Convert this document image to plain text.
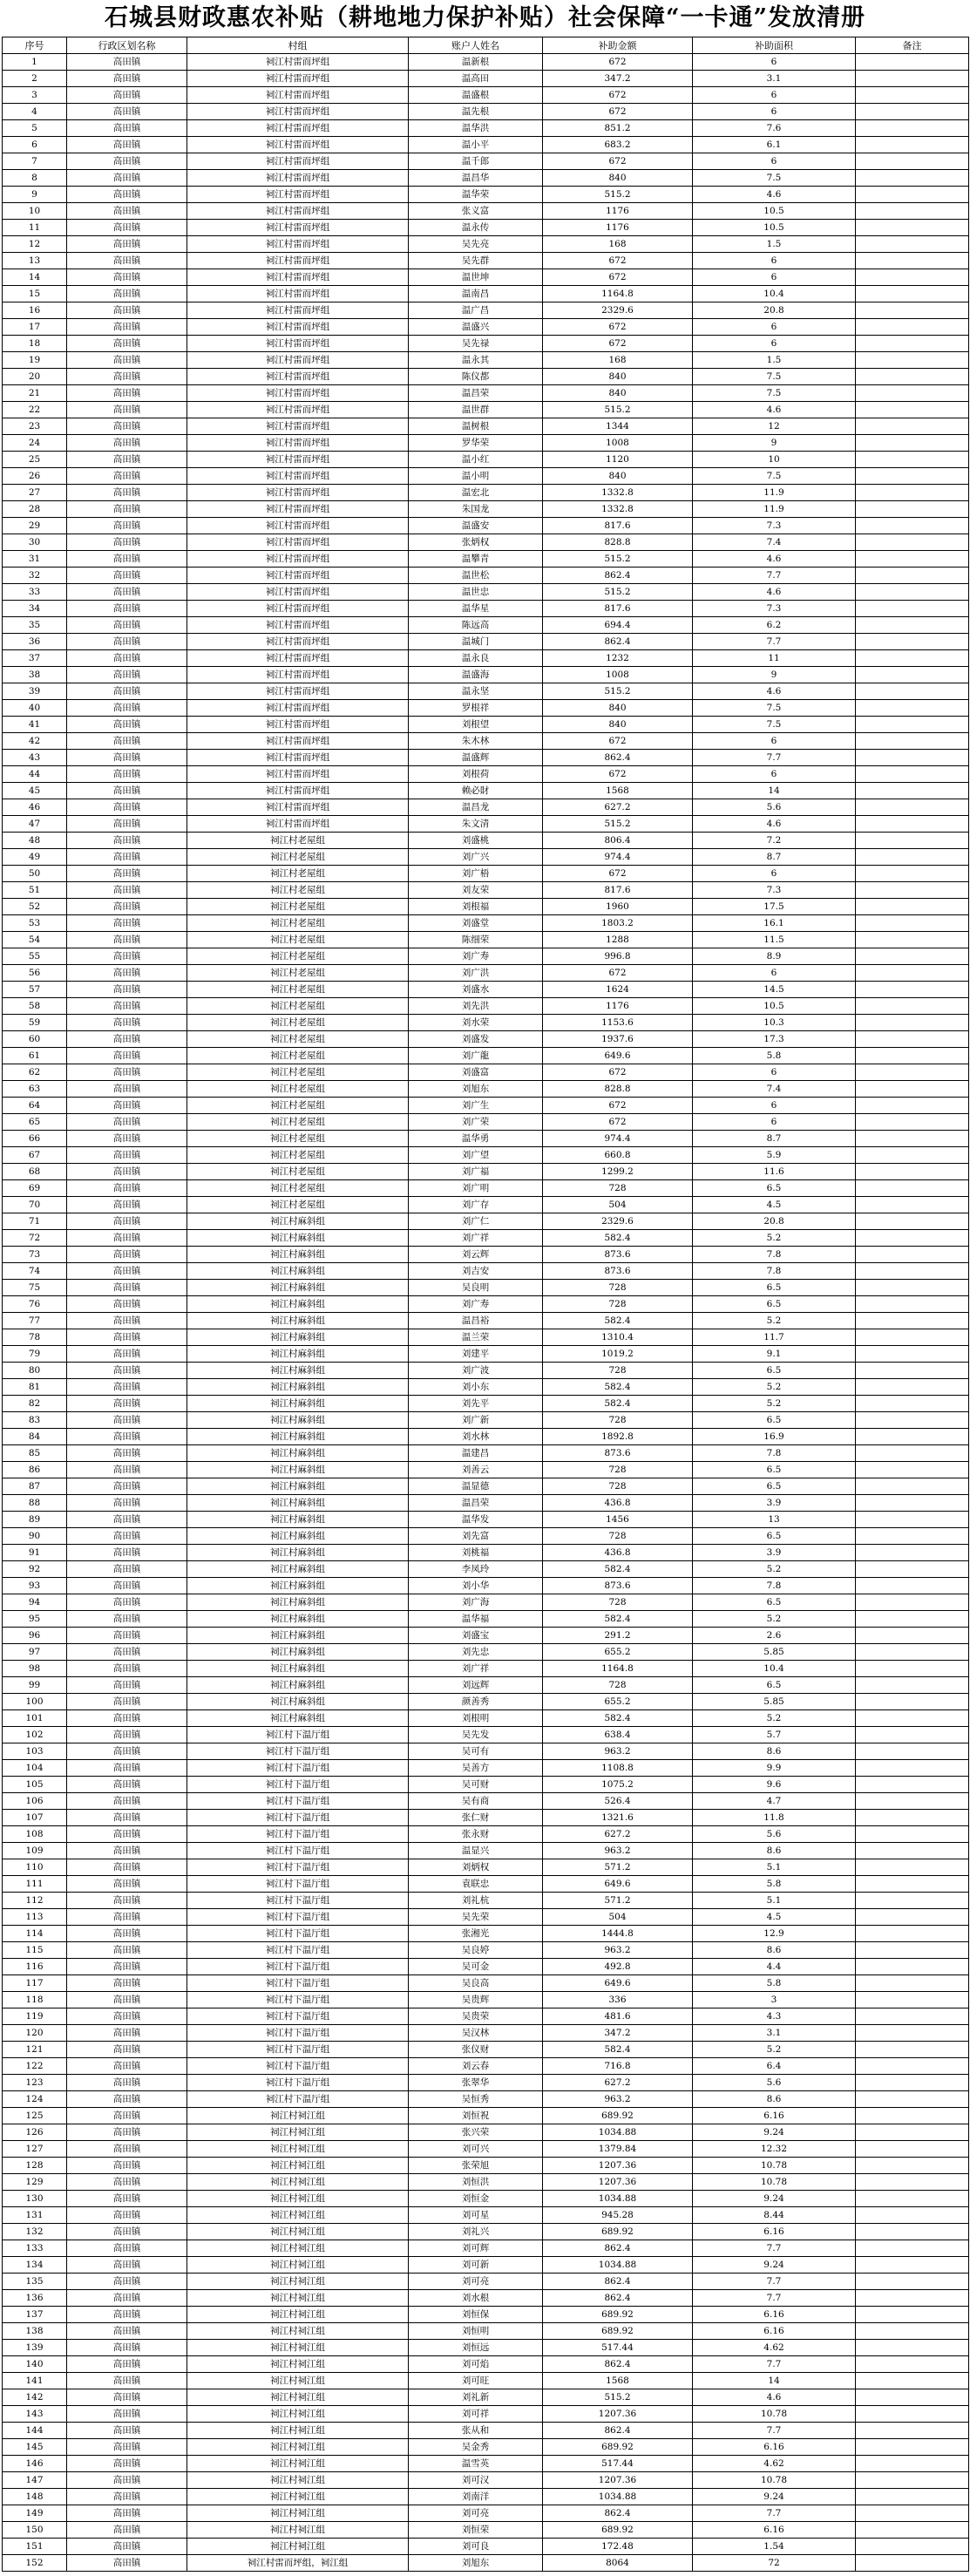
石城县财政惠农补贴（耕地地力保护补贴）社会保障“一卡通”发放清册
序号	行政区划名称	村组	账户人姓名	补助金额	补助面积	备注
1	高田镇	祠江村雷而坪组	温新根	672	6	
2	高田镇	祠江村雷而坪组	温高田	347.2	3.1	
3	高田镇	祠江村雷而坪组	温盛根	672	6	
4	高田镇	祠江村雷而坪组	温先根	672	6	
5	高田镇	祠江村雷而坪组	温华洪	851.2	7.6	
6	高田镇	祠江村雷而坪组	温小平	683.2	6.1	
7	高田镇	祠江村雷而坪组	温千郎	672	6	
8	高田镇	祠江村雷而坪组	温昌华	840	7.5	
9	高田镇	祠江村雷而坪组	温华荣	515.2	4.6	
10	高田镇	祠江村雷而坪组	张义富	1176	10.5	
11	高田镇	祠江村雷而坪组	温永传	1176	10.5	
12	高田镇	祠江村雷而坪组	吴先亮	168	1.5	
13	高田镇	祠江村雷而坪组	吴先群	672	6	
14	高田镇	祠江村雷而坪组	温世坤	672	6	
15	高田镇	祠江村雷而坪组	温南昌	1164.8	10.4	
16	高田镇	祠江村雷而坪组	温广昌	2329.6	20.8	
17	高田镇	祠江村雷而坪组	温盛兴	672	6	
18	高田镇	祠江村雷而坪组	吴先禄	672	6	
19	高田镇	祠江村雷而坪组	温永其	168	1.5	
20	高田镇	祠江村雷而坪组	陈仪都	840	7.5	
21	高田镇	祠江村雷而坪组	温昌荣	840	7.5	
22	高田镇	祠江村雷而坪组	温世群	515.2	4.6	
23	高田镇	祠江村雷而坪组	温树根	1344	12	
24	高田镇	祠江村雷而坪组	罗华荣	1008	9	
25	高田镇	祠江村雷而坪组	温小红	1120	10	
26	高田镇	祠江村雷而坪组	温小明	840	7.5	
27	高田镇	祠江村雷而坪组	温宏北	1332.8	11.9	
28	高田镇	祠江村雷而坪组	朱国龙	1332.8	11.9	
29	高田镇	祠江村雷而坪组	温盛安	817.6	7.3	
30	高田镇	祠江村雷而坪组	张炳权	828.8	7.4	
31	高田镇	祠江村雷而坪组	温攀青	515.2	4.6	
32	高田镇	祠江村雷而坪组	温世松	862.4	7.7	
33	高田镇	祠江村雷而坪组	温世忠	515.2	4.6	
34	高田镇	祠江村雷而坪组	温华星	817.6	7.3	
35	高田镇	祠江村雷而坪组	陈远高	694.4	6.2	
36	高田镇	祠江村雷而坪组	温城门	862.4	7.7	
37	高田镇	祠江村雷而坪组	温永良	1232	11	
38	高田镇	祠江村雷而坪组	温盛海	1008	9	
39	高田镇	祠江村雷而坪组	温永坚	515.2	4.6	
40	高田镇	祠江村雷而坪组	罗根祥	840	7.5	
41	高田镇	祠江村雷而坪组	刘根望	840	7.5	
42	高田镇	祠江村雷而坪组	朱木林	672	6	
43	高田镇	祠江村雷而坪组	温盛辉	862.4	7.7	
44	高田镇	祠江村雷而坪组	刘根荷	672	6	
45	高田镇	祠江村雷而坪组	赖必財	1568	14	
46	高田镇	祠江村雷而坪组	温昌龙	627.2	5.6	
47	高田镇	祠江村雷而坪组	朱文清	515.2	4.6	
48	高田镇	祠江村老屋组	刘盛桃	806.4	7.2	
49	高田镇	祠江村老屋组	刘广兴	974.4	8.7	
50	高田镇	祠江村老屋组	刘广梧	672	6	
51	高田镇	祠江村老屋组	刘友荣	817.6	7.3	
52	高田镇	祠江村老屋组	刘根福	1960	17.5	
53	高田镇	祠江村老屋组	刘盛堂	1803.2	16.1	
54	高田镇	祠江村老屋组	陈细荣	1288	11.5	
55	高田镇	祠江村老屋组	刘广寿	996.8	8.9	
56	高田镇	祠江村老屋组	刘广洪	672	6	
57	高田镇	祠江村老屋组	刘盛水	1624	14.5	
58	高田镇	祠江村老屋组	刘先洪	1176	10.5	
59	高田镇	祠江村老屋组	刘水荣	1153.6	10.3	
60	高田镇	祠江村老屋组	刘盛发	1937.6	17.3	
61	高田镇	祠江村老屋组	刘广龍	649.6	5.8	
62	高田镇	祠江村老屋组	刘盛富	672	6	
63	高田镇	祠江村老屋组	刘旭东	828.8	7.4	
64	高田镇	祠江村老屋组	刘广生	672	6	
65	高田镇	祠江村老屋组	刘广荣	672	6	
66	高田镇	祠江村老屋组	温华勇	974.4	8.7	
67	高田镇	祠江村老屋组	刘广望	660.8	5.9	
68	高田镇	祠江村老屋组	刘广福	1299.2	11.6	
69	高田镇	祠江村老屋组	刘广明	728	6.5	
70	高田镇	祠江村老屋组	刘广存	504	4.5	
71	高田镇	祠江村麻斜组	刘广仁	2329.6	20.8	
72	高田镇	祠江村麻斜组	刘广祥	582.4	5.2	
73	高田镇	祠江村麻斜组	刘云辉	873.6	7.8	
74	高田镇	祠江村麻斜组	刘吉安	873.6	7.8	
75	高田镇	祠江村麻斜组	吴良明	728	6.5	
76	高田镇	祠江村麻斜组	刘广寿	728	6.5	
77	高田镇	祠江村麻斜组	温昌裕	582.4	5.2	
78	高田镇	祠江村麻斜组	温兰荣	1310.4	11.7	
79	高田镇	祠江村麻斜组	刘建平	1019.2	9.1	
80	高田镇	祠江村麻斜组	刘广波	728	6.5	
81	高田镇	祠江村麻斜组	刘小东	582.4	5.2	
82	高田镇	祠江村麻斜组	刘先平	582.4	5.2	
83	高田镇	祠江村麻斜组	刘广新	728	6.5	
84	高田镇	祠江村麻斜组	刘水林	1892.8	16.9	
85	高田镇	祠江村麻斜组	温建昌	873.6	7.8	
86	高田镇	祠江村麻斜组	刘善云	728	6.5	
87	高田镇	祠江村麻斜组	温显德	728	6.5	
88	高田镇	祠江村麻斜组	温昌荣	436.8	3.9	
89	高田镇	祠江村麻斜组	温华发	1456	13	
90	高田镇	祠江村麻斜组	刘先富	728	6.5	
91	高田镇	祠江村麻斜组	刘桃福	436.8	3.9	
92	高田镇	祠江村麻斜组	李凤玲	582.4	5.2	
93	高田镇	祠江村麻斜组	刘小华	873.6	7.8	
94	高田镇	祠江村麻斜组	刘广海	728	6.5	
95	高田镇	祠江村麻斜组	温华福	582.4	5.2	
96	高田镇	祠江村麻斜组	刘盛宝	291.2	2.6	
97	高田镇	祠江村麻斜组	刘先忠	655.2	5.85	
98	高田镇	祠江村麻斜组	刘广祥	1164.8	10.4	
99	高田镇	祠江村麻斜组	刘远辉	728	6.5	
100	高田镇	祠江村麻斜组	颜善秀	655.2	5.85	
101	高田镇	祠江村麻斜组	刘根明	582.4	5.2	
102	高田镇	祠江村下温厅组	吴先发	638.4	5.7	
103	高田镇	祠江村下温厅组	吴可有	963.2	8.6	
104	高田镇	祠江村下温厅组	吴善方	1108.8	9.9	
105	高田镇	祠江村下温厅组	吴可财	1075.2	9.6	
106	高田镇	祠江村下温厅组	吴有商	526.4	4.7	
107	高田镇	祠江村下温厅组	张仁财	1321.6	11.8	
108	高田镇	祠江村下温厅组	张永财	627.2	5.6	
109	高田镇	祠江村下温厅组	温显兴	963.2	8.6	
110	高田镇	祠江村下温厅组	刘炳权	571.2	5.1	
111	高田镇	祠江村下温厅组	袁联忠	649.6	5.8	
112	高田镇	祠江村下温厅组	刘礼杭	571.2	5.1	
113	高田镇	祠江村下温厅组	吴先荣	504	4.5	
114	高田镇	祠江村下温厅组	张湘光	1444.8	12.9	
115	高田镇	祠江村下温厅组	吴良婷	963.2	8.6	
116	高田镇	祠江村下温厅组	吴可金	492.8	4.4	
117	高田镇	祠江村下温厅组	吴良高	649.6	5.8	
118	高田镇	祠江村下温厅组	吴贵辉	336	3	
119	高田镇	祠江村下温厅组	吴贵荣	481.6	4.3	
120	高田镇	祠江村下温厅组	吴汉林	347.2	3.1	
121	高田镇	祠江村下温厅组	张仪财	582.4	5.2	
122	高田镇	祠江村下温厅组	刘云春	716.8	6.4	
123	高田镇	祠江村下温厅组	张翠华	627.2	5.6	
124	高田镇	祠江村下温厅组	吴恒秀	963.2	8.6	
125	高田镇	祠江村祠江组	刘恒祝	689.92	6.16	
126	高田镇	祠江村祠江组	张兴荣	1034.88	9.24	
127	高田镇	祠江村祠江组	刘可兴	1379.84	12.32	
128	高田镇	祠江村祠江组	张荣旭	1207.36	10.78	
129	高田镇	祠江村祠江组	刘恒洪	1207.36	10.78	
130	高田镇	祠江村祠江组	刘恒金	1034.88	9.24	
131	高田镇	祠江村祠江组	刘可星	945.28	8.44	
132	高田镇	祠江村祠江组	刘礼兴	689.92	6.16	
133	高田镇	祠江村祠江组	刘可辉	862.4	7.7	
134	高田镇	祠江村祠江组	刘可新	1034.88	9.24	
135	高田镇	祠江村祠江组	刘可亮	862.4	7.7	
136	高田镇	祠江村祠江组	刘水根	862.4	7.7	
137	高田镇	祠江村祠江组	刘恒保	689.92	6.16	
138	高田镇	祠江村祠江组	刘恒明	689.92	6.16	
139	高田镇	祠江村祠江组	刘恒远	517.44	4.62	
140	高田镇	祠江村祠江组	刘可焰	862.4	7.7	
141	高田镇	祠江村祠江组	刘可旺	1568	14	
142	高田镇	祠江村祠江组	刘礼新	515.2	4.6	
143	高田镇	祠江村祠江组	刘可祥	1207.36	10.78	
144	高田镇	祠江村祠江组	张从和	862.4	7.7	
145	高田镇	祠江村祠江组	吴金秀	689.92	6.16	
146	高田镇	祠江村祠江组	温雪英	517.44	4.62	
147	高田镇	祠江村祠江组	刘可汉	1207.36	10.78	
148	高田镇	祠江村祠江组	刘南洋	1034.88	9.24	
149	高田镇	祠江村祠江组	刘可亮	862.4	7.7	
150	高田镇	祠江村祠江组	刘恒荣	689.92	6.16	
151	高田镇	祠江村祠江组	刘可良	172.48	1.54	
152	高田镇	祠江村雷而坪组，祠江组	刘旭东	8064	72	
